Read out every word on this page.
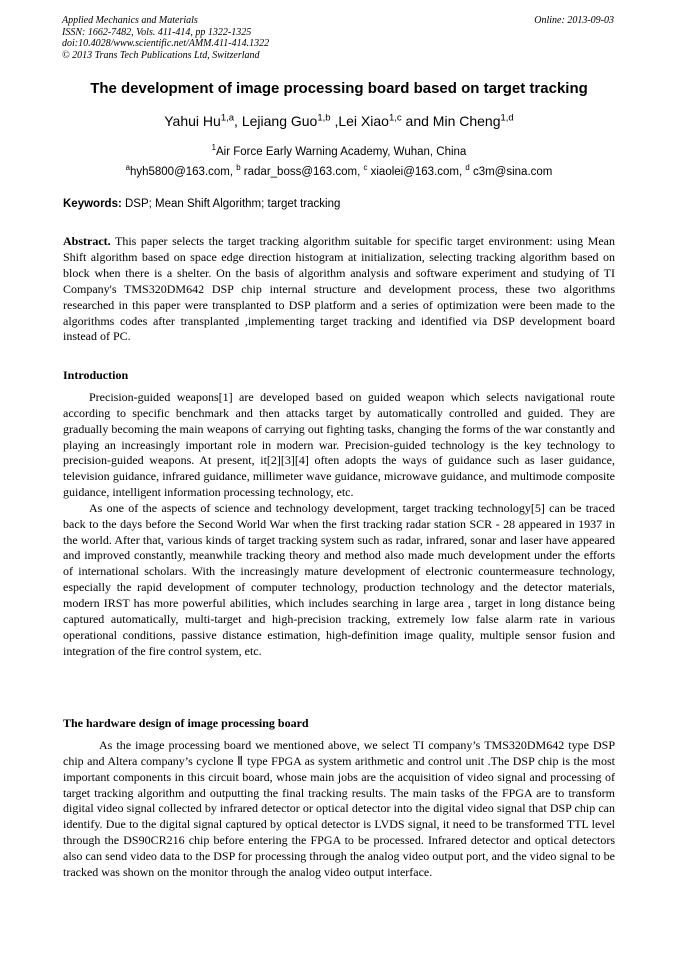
Applied Mechanics and Materials
ISSN: 1662-7482, Vols. 411-414, pp 1322-1325
doi:10.4028/www.scientific.net/AMM.411-414.1322
© 2013 Trans Tech Publications Ltd, Switzerland
Online: 2013-09-03
The development of image processing board based on target tracking
Yahui Hu$^{1,a}$, Lejiang Guo$^{1,b}$ ,Lei Xiao$^{1,c}$ and Min Cheng$^{1,d}$
$^1$Air Force Early Warning Academy, Wuhan, China
$^a$hyh5800@163.com, $^b$ radar_boss@163.com, $^c$ xiaolei@163.com, $^d$ c3m@sina.com
Keywords: DSP; Mean Shift Algorithm; target tracking
Abstract. This paper selects the target tracking algorithm suitable for specific target environment: using Mean Shift algorithm based on space edge direction histogram at initialization, selecting tracking algorithm based on block when there is a shelter. On the basis of algorithm analysis and software experiment and studying of TI Company's TMS320DM642 DSP chip internal structure and development process, these two algorithms researched in this paper were transplanted to DSP platform and a series of optimization were been made to the algorithms codes after transplanted ,implementing target tracking and identified via DSP development board instead of PC.
Introduction

Precision-guided weapons[1] are developed based on guided weapon which selects navigational route according to specific benchmark and then attacks target by automatically controlled and guided. They are gradually becoming the main weapons of carrying out fighting tasks, changing the forms of the war constantly and playing an increasingly important role in modern war. Precision-guided technology is the key technology to precision-guided weapons. At present, it[2][3][4] often adopts the ways of guidance such as laser guidance, television guidance, infrared guidance, millimeter wave guidance, microwave guidance, and multimode composite guidance, intelligent information processing technology, etc.

As one of the aspects of science and technology development, target tracking technology[5] can be traced back to the days before the Second World War when the first tracking radar station SCR - 28 appeared in 1937 in the world. After that, various kinds of target tracking system such as radar, infrared, sonar and laser have appeared and improved constantly, meanwhile tracking theory and method also made much development under the efforts of international scholars. With the increasingly mature development of electronic countermeasure technology, especially the rapid development of computer technology, production technology and the detector materials, modern IRST has more powerful abilities, which includes searching in large area , target in long distance being captured automatically, multi-target and high-precision tracking, extremely low false alarm rate in various operational conditions, passive distance estimation, high-definition image quality, multiple sensor fusion and integration of the fire control system, etc.

The hardware design of image processing board

As the image processing board we mentioned above, we select TI company’s TMS320DM642 type DSP chip and Altera company’s cyclone Ⅱ type FPGA as system arithmetic and control unit .The DSP chip is the most important components in this circuit board, whose main jobs are the acquisition of video signal and processing of target tracking algorithm and outputting the final tracking results. The main tasks of the FPGA are to transform digital video signal collected by infrared detector or optical detector into the digital video signal that DSP chip can identify. Due to the digital signal captured by optical detector is LVDS signal, it need to be transformed TTL level through the DS90CR216 chip before entering the FPGA to be processed. Infrared detector and optical detectors also can send video data to the DSP for processing through the analog video output port, and the video signal to be tracked was shown on the monitor through the analog video output interface.
